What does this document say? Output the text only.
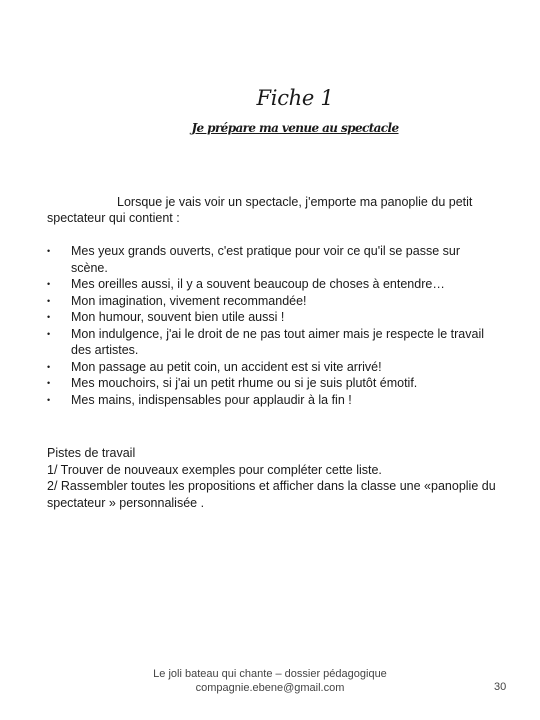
Fiche 1
Je prépare ma venue au spectacle
Lorsque je vais voir un spectacle, j'emporte ma panoplie du petit spectateur qui contient :
• Mes yeux grands ouverts, c'est pratique pour voir ce qu'il se passe sur scène.
• Mes oreilles aussi, il y a souvent beaucoup de choses à entendre…
• Mon imagination, vivement recommandée!
• Mon humour, souvent bien utile aussi !
• Mon indulgence, j'ai le droit de ne pas tout aimer mais je respecte le travail des artistes.
• Mon passage au petit coin, un accident est si vite arrivé!
• Mes mouchoirs, si j'ai un petit rhume ou si je suis plutôt émotif.
• Mes mains, indispensables pour applaudir à la fin !
Pistes de travail
1/ Trouver de nouveaux exemples pour compléter cette liste.
2/ Rassembler toutes les propositions et afficher dans la classe une «panoplie du spectateur » personnalisée .
Le joli bateau qui chante – dossier pédagogique
compagnie.ebene@gmail.com	30
